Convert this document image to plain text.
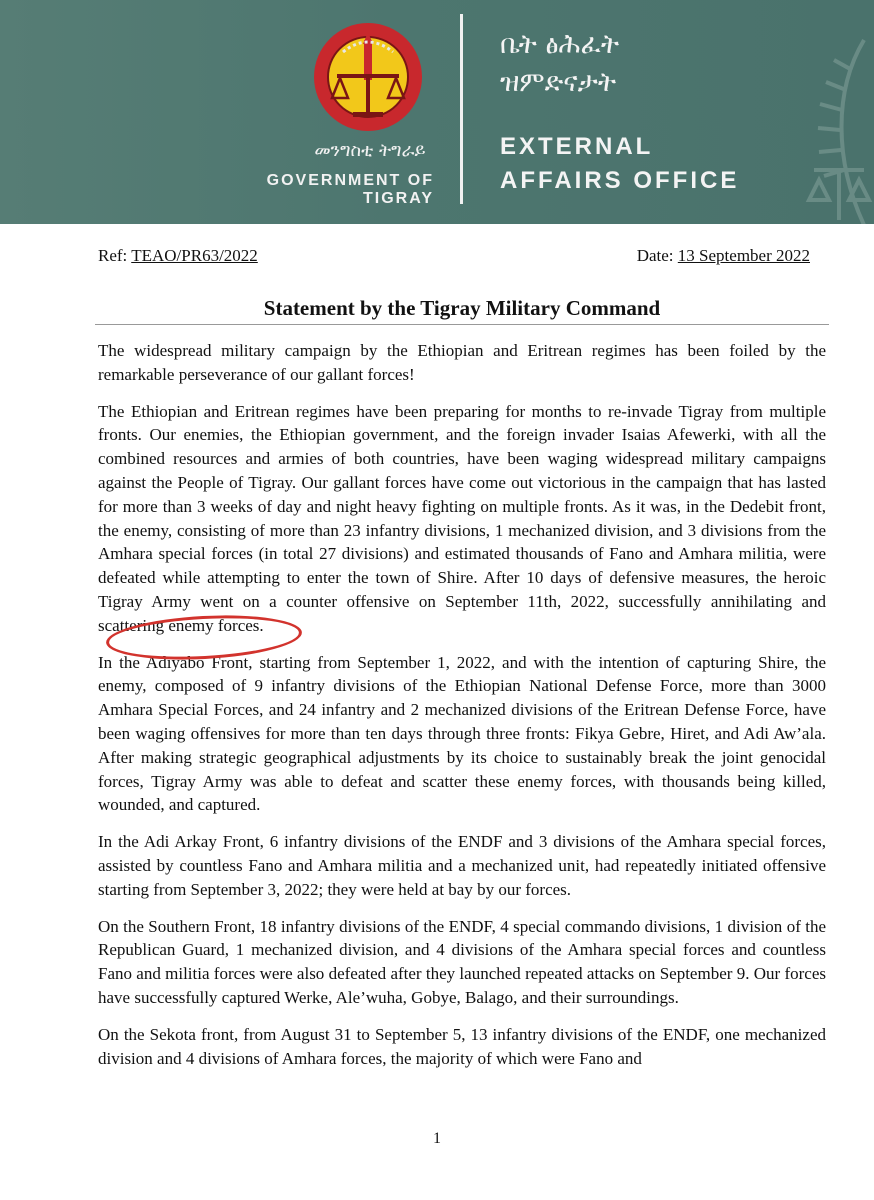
መንግስቲ ትግራይ
GOVERNMENT OF TIGRAY
ቤት ፅሕፈት
ዝምድናታት
EXTERNAL
AFFAIRS OFFICE
Ref: TEAO/PR63/2022	Date: 13 September 2022
Statement by the Tigray Military Command

The widespread military campaign by the Ethiopian and Eritrean regimes has been foiled by the remarkable perseverance of our gallant forces!

The Ethiopian and Eritrean regimes have been preparing for months to re-invade Tigray from multiple fronts. Our enemies, the Ethiopian government, and the foreign invader Isaias Afewerki, with all the combined resources and armies of both countries, have been waging widespread military campaigns against the People of Tigray. Our gallant forces have come out victorious in the campaign that has lasted for more than 3 weeks of day and night heavy fighting on multiple fronts. As it was, in the Dedebit front, the enemy, consisting of more than 23 infantry divisions, 1 mechanized division, and 3 divisions from the Amhara special forces (in total 27 divisions) and estimated thousands of Fano and Amhara militia, were defeated while attempting to enter the town of Shire. After 10 days of defensive measures, the heroic Tigray Army went on a counter offensive on September 11th, 2022, successfully annihilating and scattering enemy forces.

In the Adiyabo Front, starting from September 1, 2022, and with the intention of capturing Shire, the enemy, composed of 9 infantry divisions of the Ethiopian National Defense Force, more than 3000 Amhara Special Forces, and 24 infantry and 2 mechanized divisions of the Eritrean Defense Force, have been waging offensives for more than ten days through three fronts: Fikya Gebre, Hiret, and Adi Aw’ala. After making strategic geographical adjustments by its choice to sustainably break the joint genocidal forces, Tigray Army was able to defeat and scatter these enemy forces, with thousands being killed, wounded, and captured.

In the Adi Arkay Front, 6 infantry divisions of the ENDF and 3 divisions of the Amhara special forces, assisted by countless Fano and Amhara militia and a mechanized unit, had repeatedly initiated offensive starting from September 3, 2022; they were held at bay by our forces.

On the Southern Front, 18 infantry divisions of the ENDF, 4 special commando divisions, 1 division of the Republican Guard, 1 mechanized division, and 4 divisions of the Amhara special forces and countless Fano and militia forces were also defeated after they launched repeated attacks on September 9. Our forces have successfully captured Werke, Ale’wuha, Gobye, Balago, and their surroundings.

On the Sekota front, from August 31 to September 5, 13 infantry divisions of the ENDF, one mechanized division and 4 divisions of Amhara forces, the majority of which were Fano and

1
